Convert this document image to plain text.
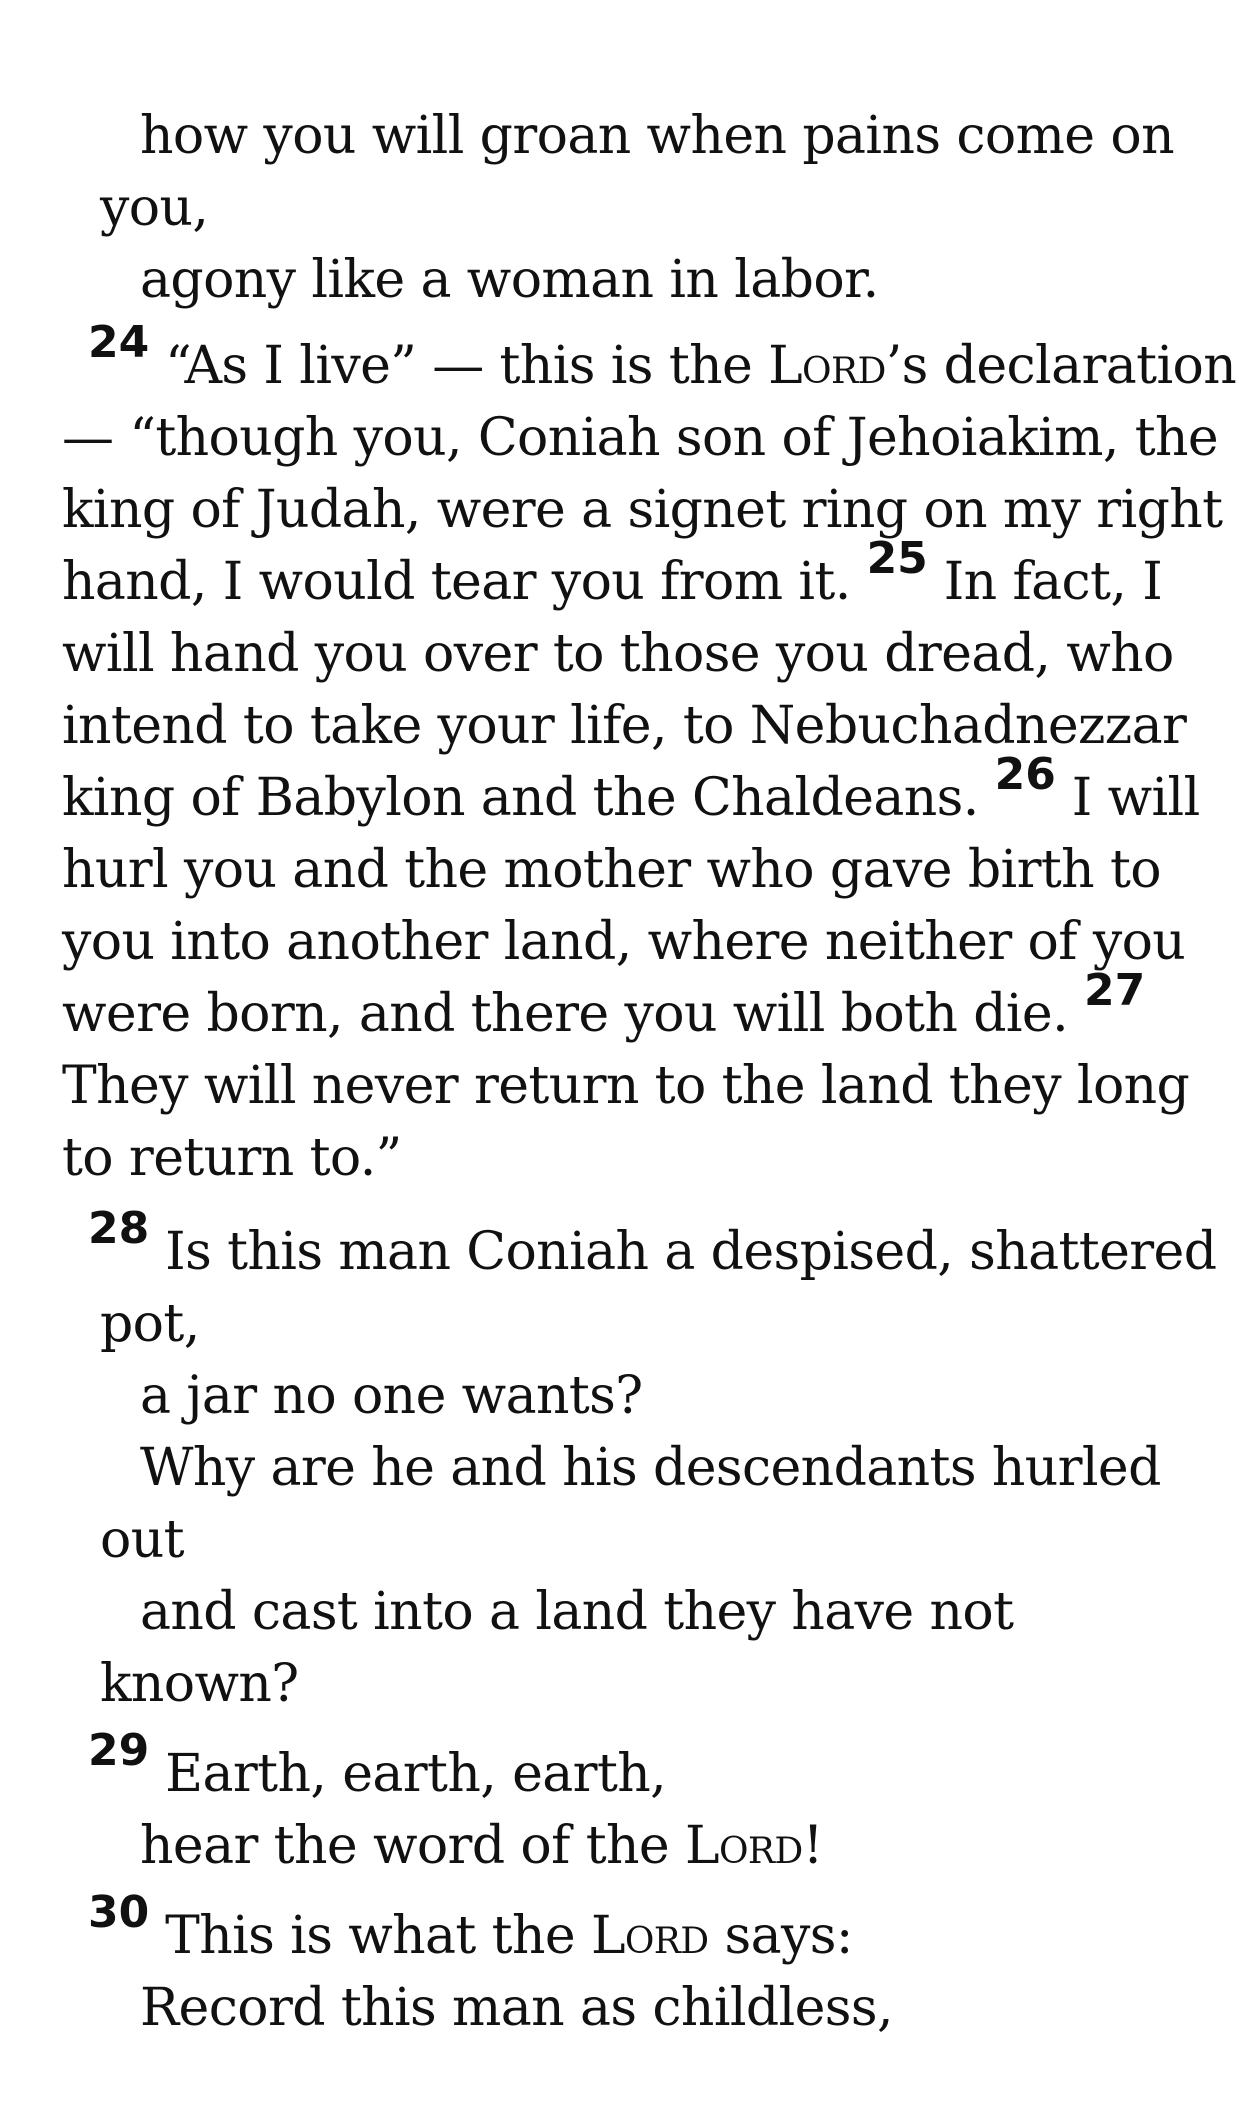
how you will groan when pains come on

you,

agony like a woman in labor.

$^{24}$ “As I live” — this is the Lord’s declaration

— “though you, Coniah son of Jehoiakim, the

king of Judah, were a signet ring on my right

hand, I would tear you from it. $^{25}$ In fact, I

will hand you over to those you dread, who

intend to take your life, to Nebuchadnezzar

king of Babylon and the Chaldeans. $^{26}$ I will

hurl you and the mother who gave birth to

you into another land, where neither of you

were born, and there you will both die. $^{27}$

They will never return to the land they long

to return to.”

$^{28}$ Is this man Coniah a despised, shattered

pot,

a jar no one wants?

Why are he and his descendants hurled

out

and cast into a land they have not

known?

$^{29}$ Earth, earth, earth,

hear the word of the Lord!

$^{30}$ This is what the Lord says:

Record this man as childless,
